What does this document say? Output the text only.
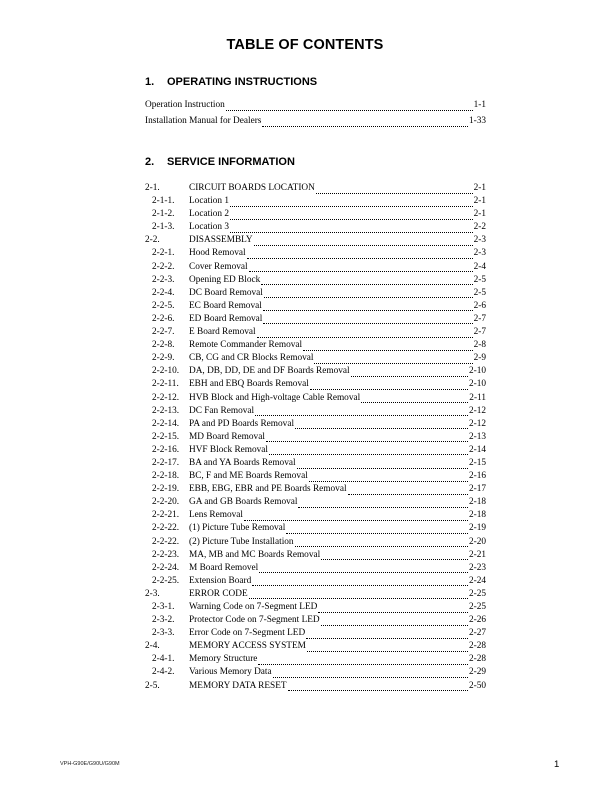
TABLE OF CONTENTS
1. OPERATING INSTRUCTIONS
Operation Instruction	1-1
Installation Manual for Dealers	1-33
2. SERVICE INFORMATION
2-1.	CIRCUIT BOARDS LOCATION	2-1
2-1-1.	Location 1	2-1
2-1-2.	Location 2	2-1
2-1-3.	Location 3	2-2
2-2.	DISASSEMBLY	2-3
2-2-1.	Hood Removal	2-3
2-2-2.	Cover Removal	2-4
2-2-3.	Opening ED Block	2-5
2-2-4.	DC Board Removal	2-5
2-2-5.	EC Board Removal	2-6
2-2-6.	ED Board Removal	2-7
2-2-7.	E Board Removal	2-7
2-2-8.	Remote Commander Removal	2-8
2-2-9.	CB, CG and CR Blocks Removal	2-9
2-2-10.	DA, DB, DD, DE and DF Boards Removal	2-10
2-2-11.	EBH and EBQ Boards Removal	2-10
2-2-12.	HVB Block and High-voltage Cable Removal	2-11
2-2-13.	DC Fan Removal	2-12
2-2-14.	PA and PD Boards Removal	2-12
2-2-15.	MD Board Removal	2-13
2-2-16.	HVF Block Removal	2-14
2-2-17.	BA and YA Boards Removal	2-15
2-2-18.	BC, F and ME Boards Removal	2-16
2-2-19.	EBB, EBG, EBR and PE Boards Removal	2-17
2-2-20.	GA and GB Boards Removal	2-18
2-2-21.	Lens Removal	2-18
2-2-22.	(1) Picture Tube Removal	2-19
2-2-22.	(2) Picture Tube Installation	2-20
2-2-23.	MA, MB and MC Boards Removal	2-21
2-2-24.	M Board Removel	2-23
2-2-25.	Extension Board	2-24
2-3.	ERROR CODE	2-25
2-3-1.	Warning Code on 7-Segment LED	2-25
2-3-2.	Protector Code on 7-Segment LED	2-26
2-3-3.	Error Code on 7-Segment LED	2-27
2-4.	MEMORY ACCESS SYSTEM	2-28
2-4-1.	Memory Structure	2-28
2-4-2.	Various Memory Data	2-29
2-5.	MEMORY DATA RESET	2-50
VPH-G90E/G90U/G90M	1
